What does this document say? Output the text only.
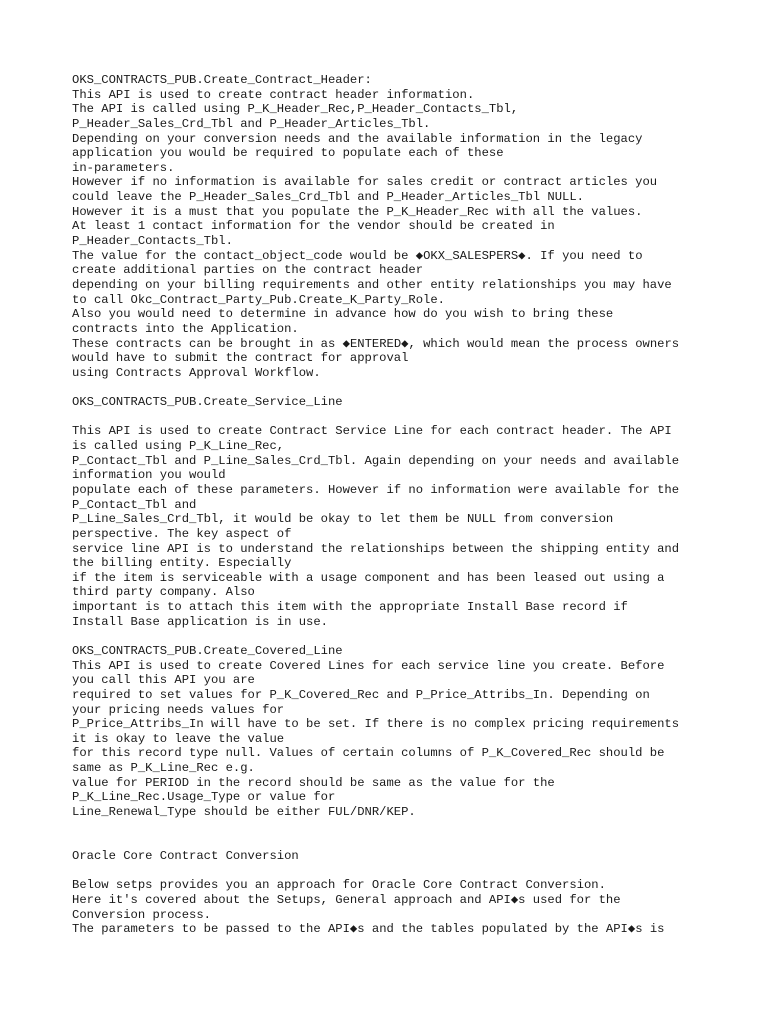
OKS_CONTRACTS_PUB.Create_Contract_Header:
This API is used to create contract header information.
The API is called using P_K_Header_Rec,P_Header_Contacts_Tbl,
P_Header_Sales_Crd_Tbl and P_Header_Articles_Tbl.
Depending on your conversion needs and the available information in the legacy
application you would be required to populate each of these
in-parameters.
However if no information is available for sales credit or contract articles you
could leave the P_Header_Sales_Crd_Tbl and P_Header_Articles_Tbl NULL.
However it is a must that you populate the P_K_Header_Rec with all the values.
At least 1 contact information for the vendor should be created in
P_Header_Contacts_Tbl.
The value for the contact_object_code would be ◆OKX_SALESPERS◆. If you need to
create additional parties on the contract header
depending on your billing requirements and other entity relationships you may have
to call Okc_Contract_Party_Pub.Create_K_Party_Role.
Also you would need to determine in advance how do you wish to bring these
contracts into the Application.
These contracts can be brought in as ◆ENTERED◆, which would mean the process owners
would have to submit the contract for approval
using Contracts Approval Workflow.
OKS_CONTRACTS_PUB.Create_Service_Line
This API is used to create Contract Service Line for each contract header. The API
is called using P_K_Line_Rec,
P_Contact_Tbl and P_Line_Sales_Crd_Tbl. Again depending on your needs and available
information you would
populate each of these parameters. However if no information were available for the
P_Contact_Tbl and
P_Line_Sales_Crd_Tbl, it would be okay to let them be NULL from conversion
perspective. The key aspect of
service line API is to understand the relationships between the shipping entity and
the billing entity. Especially
if the item is serviceable with a usage component and has been leased out using a
third party company. Also
important is to attach this item with the appropriate Install Base record if
Install Base application is in use.
OKS_CONTRACTS_PUB.Create_Covered_Line
This API is used to create Covered Lines for each service line you create. Before
you call this API you are
required to set values for P_K_Covered_Rec and P_Price_Attribs_In. Depending on
your pricing needs values for
P_Price_Attribs_In will have to be set. If there is no complex pricing requirements
it is okay to leave the value
for this record type null. Values of certain columns of P_K_Covered_Rec should be
same as P_K_Line_Rec e.g.
value for PERIOD in the record should be same as the value for the
P_K_Line_Rec.Usage_Type or value for
Line_Renewal_Type should be either FUL/DNR/KEP.
Oracle Core Contract Conversion
Below setps provides you an approach for Oracle Core Contract Conversion.
Here it's covered about the Setups, General approach and API◆s used for the
Conversion process.
The parameters to be passed to the API◆s and the tables populated by the API◆s is
